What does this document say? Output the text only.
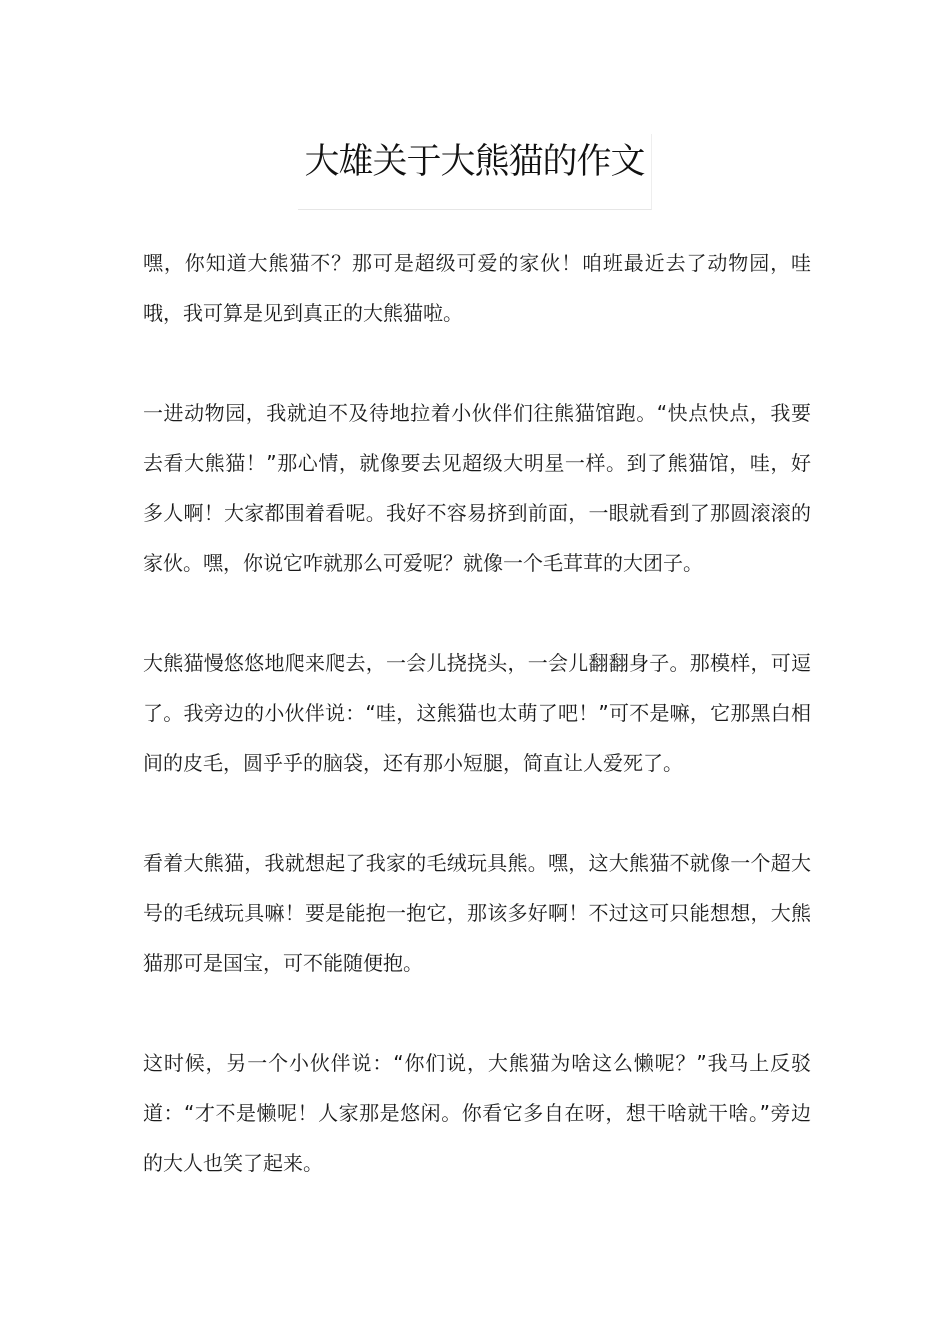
大雄关于大熊猫的作文

嘿，你知道大熊猫不？那可是超级可爱的家伙！咱班最近去了动物园，哇哦，我可算是见到真正的大熊猫啦。

一进动物园，我就迫不及待地拉着小伙伴们往熊猫馆跑。“快点快点，我要去看大熊猫！”那心情，就像要去见超级大明星一样。到了熊猫馆，哇，好多人啊！大家都围着看呢。我好不容易挤到前面，一眼就看到了那圆滚滚的家伙。嘿，你说它咋就那么可爱呢？就像一个毛茸茸的大团子。

大熊猫慢悠悠地爬来爬去，一会儿挠挠头，一会儿翻翻身子。那模样，可逗了。我旁边的小伙伴说：“哇，这熊猫也太萌了吧！”可不是嘛，它那黑白相间的皮毛，圆乎乎的脑袋，还有那小短腿，简直让人爱死了。

看着大熊猫，我就想起了我家的毛绒玩具熊。嘿，这大熊猫不就像一个超大号的毛绒玩具嘛！要是能抱一抱它，那该多好啊！不过这可只能想想，大熊猫那可是国宝，可不能随便抱。

这时候，另一个小伙伴说：“你们说，大熊猫为啥这么懒呢？”我马上反驳道：“才不是懒呢！人家那是悠闲。你看它多自在呀，想干啥就干啥。”旁边的大人也笑了起来。
